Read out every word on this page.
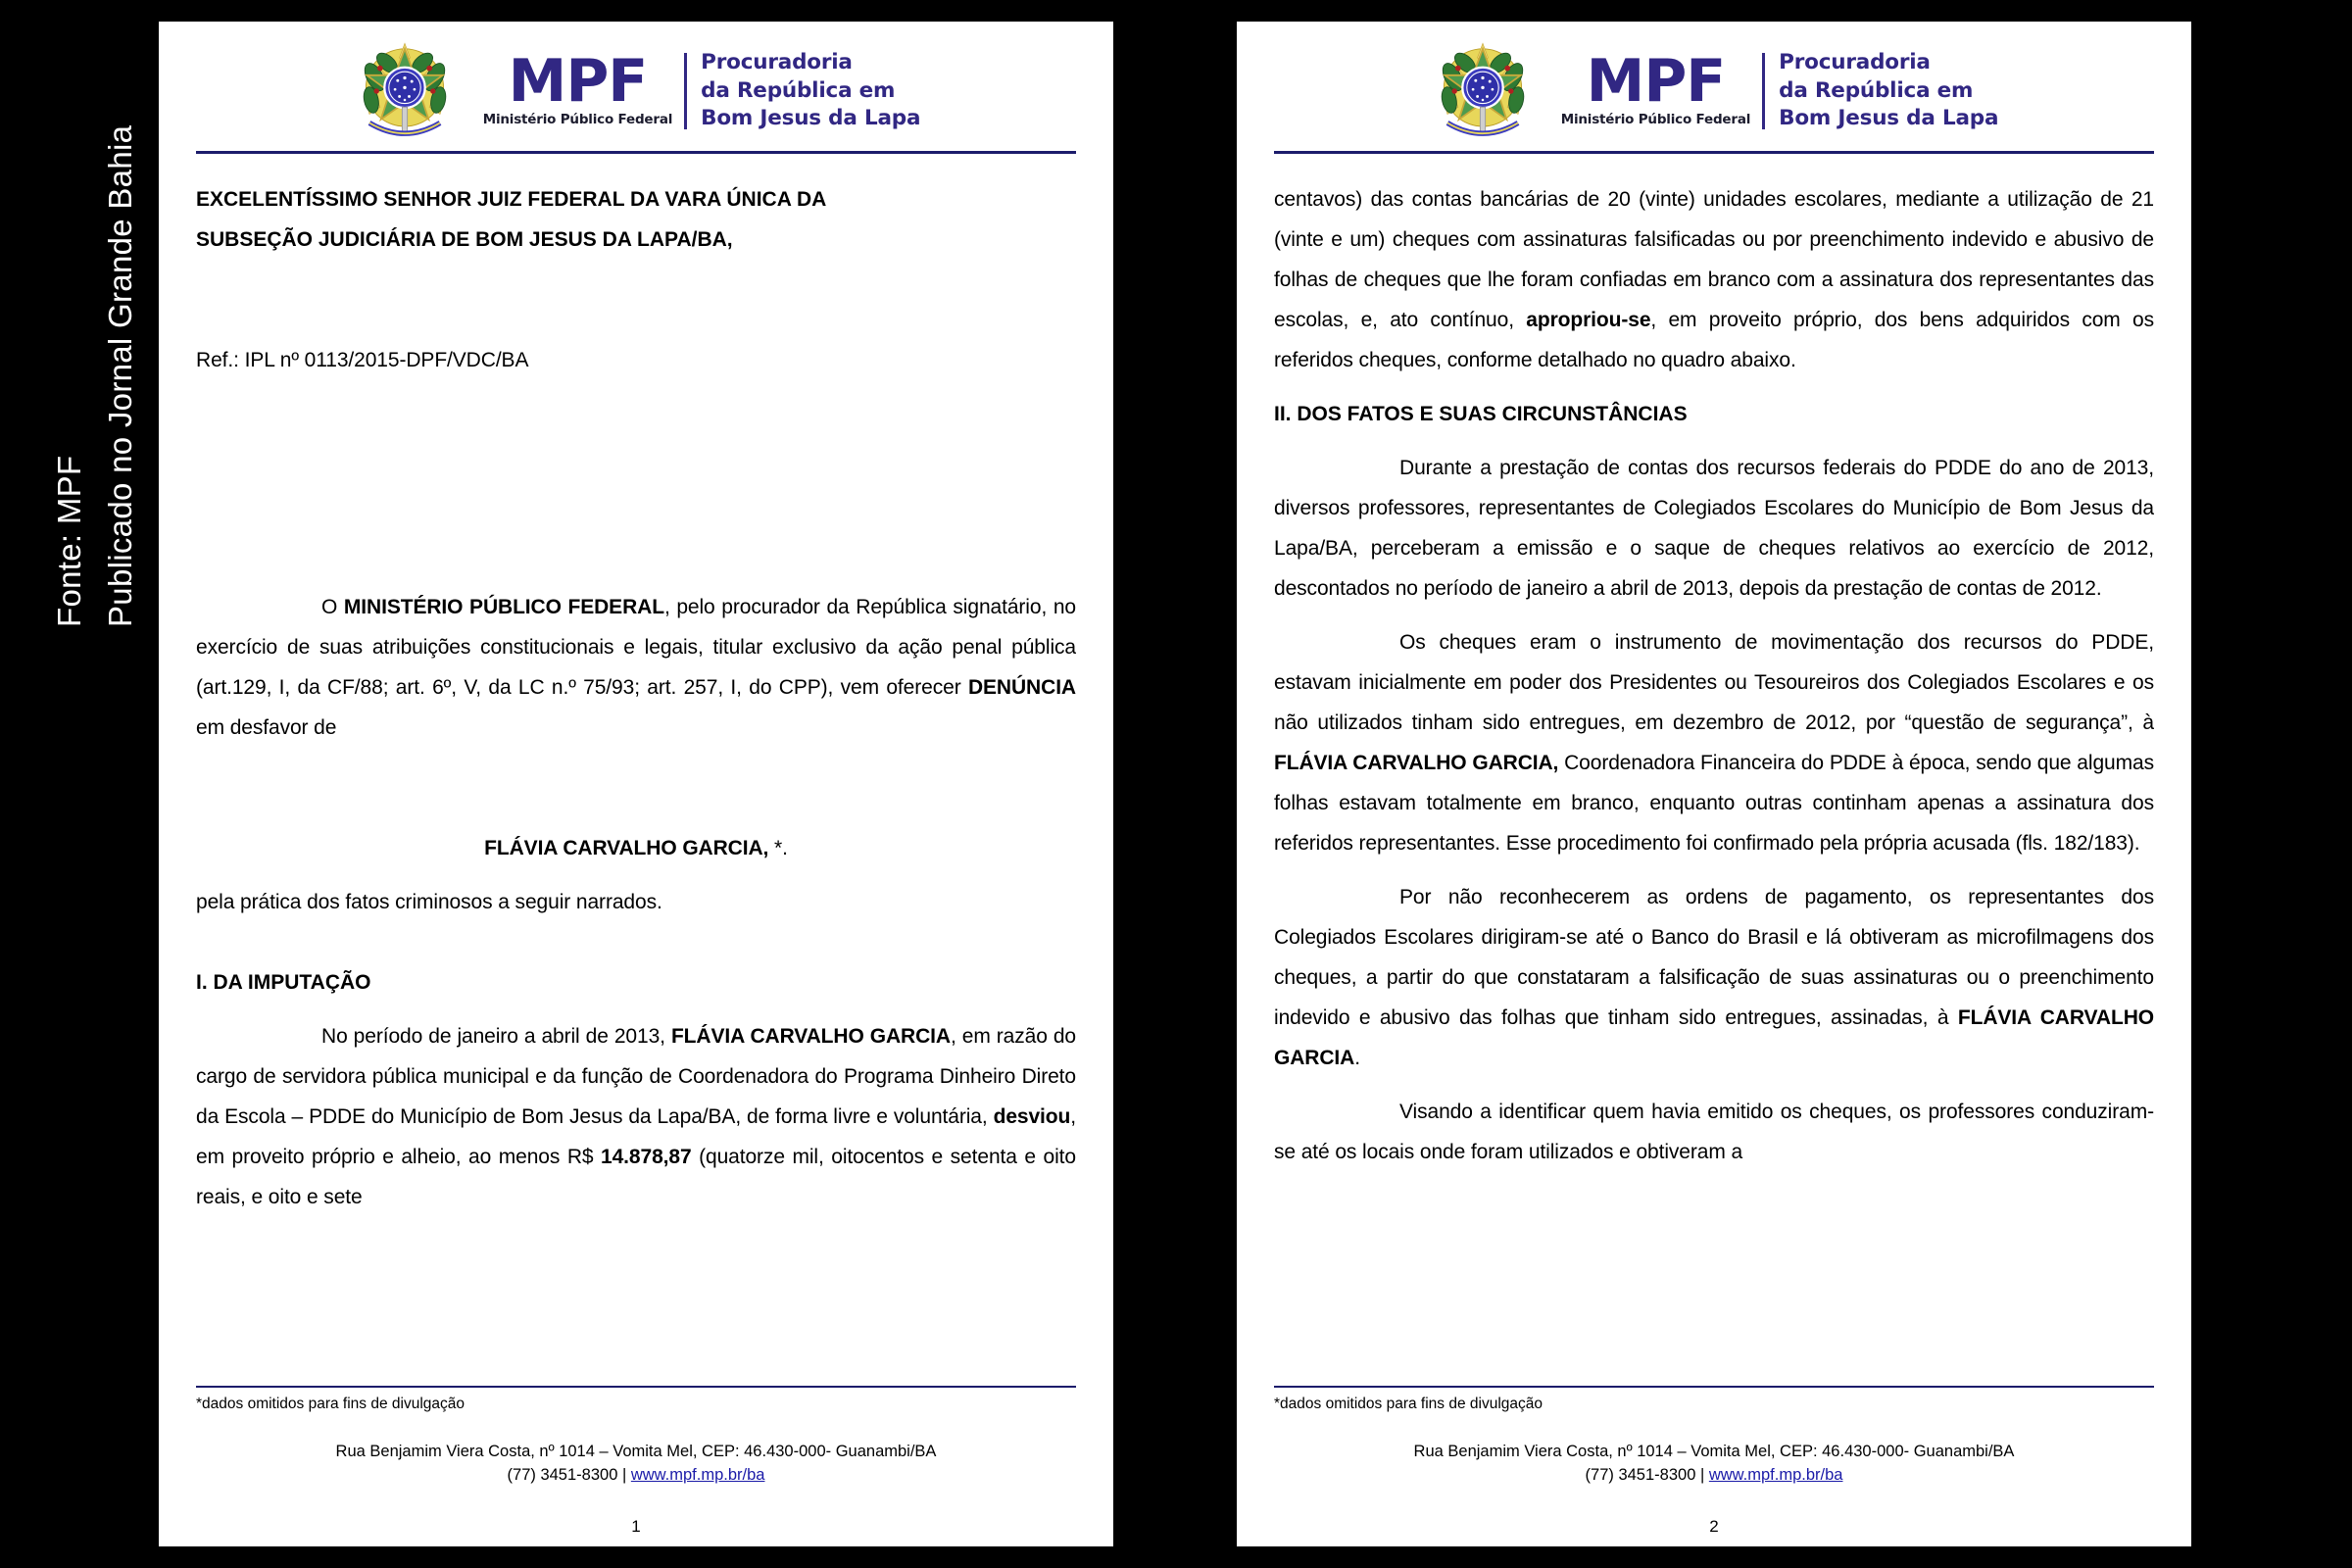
Fonte: MPF Publicado no Jornal Grande Bahia
MPF
Ministério Público Federal
Procuradoria
da República em
Bom Jesus da Lapa
EXCELENTÍSSIMO SENHOR JUIZ FEDERAL DA VARA ÚNICA DA
SUBSEÇÃO JUDICIÁRIA DE BOM JESUS DA LAPA/BA,
Ref.: IPL nº 0113/2015-DPF/VDC/BA

O MINISTÉRIO PÚBLICO FEDERAL, pelo procurador da República signatário, no exercício de suas atribuições constitucionais e legais, titular exclusivo da ação penal pública (art.129, I, da CF/88; art. 6º, V, da LC n.º 75/93; art. 257, I, do CPP), vem oferecer DENÚNCIA em desfavor de

FLÁVIA CARVALHO GARCIA, *.

pela prática dos fatos criminosos a seguir narrados.

I. DA IMPUTAÇÃO

No período de janeiro a abril de 2013, FLÁVIA CARVALHO GARCIA, em razão do cargo de servidora pública municipal e da função de Coordenadora do Programa Dinheiro Direto da Escola – PDDE do Município de Bom Jesus da Lapa/BA, de forma livre e voluntária, desviou, em proveito próprio e alheio, ao menos R$ 14.878,87 (quatorze mil, oitocentos e setenta e oito reais, e oito e sete

*dados omitidos para fins de divulgação
Rua Benjamim Viera Costa, nº 1014 – Vomita Mel, CEP: 46.430-000- Guanambi/BA
(77) 3451-8300 | www.mpf.mp.br/ba
1
MPF
Ministério Público Federal
Procuradoria
da República em
Bom Jesus da Lapa

centavos) das contas bancárias de 20 (vinte) unidades escolares, mediante a utilização de 21 (vinte e um) cheques com assinaturas falsificadas ou por preenchimento indevido e abusivo de folhas de cheques que lhe foram confiadas em branco com a assinatura dos representantes das escolas, e, ato contínuo, apropriou-se, em proveito próprio, dos bens adquiridos com os referidos cheques, conforme detalhado no quadro abaixo.

II. DOS FATOS E SUAS CIRCUNSTÂNCIAS

Durante a prestação de contas dos recursos federais do PDDE do ano de 2013, diversos professores, representantes de Colegiados Escolares do Município de Bom Jesus da Lapa/BA, perceberam a emissão e o saque de cheques relativos ao exercício de 2012, descontados no período de janeiro a abril de 2013, depois da prestação de contas de 2012.

Os cheques eram o instrumento de movimentação dos recursos do PDDE, estavam inicialmente em poder dos Presidentes ou Tesoureiros dos Colegiados Escolares e os não utilizados tinham sido entregues, em dezembro de 2012, por “questão de segurança”, à FLÁVIA CARVALHO GARCIA, Coordenadora Financeira do PDDE à época, sendo que algumas folhas estavam totalmente em branco, enquanto outras continham apenas a assinatura dos referidos representantes. Esse procedimento foi confirmado pela própria acusada (fls. 182/183).

Por não reconhecerem as ordens de pagamento, os representantes dos Colegiados Escolares dirigiram-se até o Banco do Brasil e lá obtiveram as microfilmagens dos cheques, a partir do que constataram a falsificação de suas assinaturas ou o preenchimento indevido e abusivo das folhas que tinham sido entregues, assinadas, à FLÁVIA CARVALHO GARCIA.

Visando a identificar quem havia emitido os cheques, os professores conduziram-se até os locais onde foram utilizados e obtiveram a

*dados omitidos para fins de divulgação
Rua Benjamim Viera Costa, nº 1014 – Vomita Mel, CEP: 46.430-000- Guanambi/BA
(77) 3451-8300 | www.mpf.mp.br/ba
2
